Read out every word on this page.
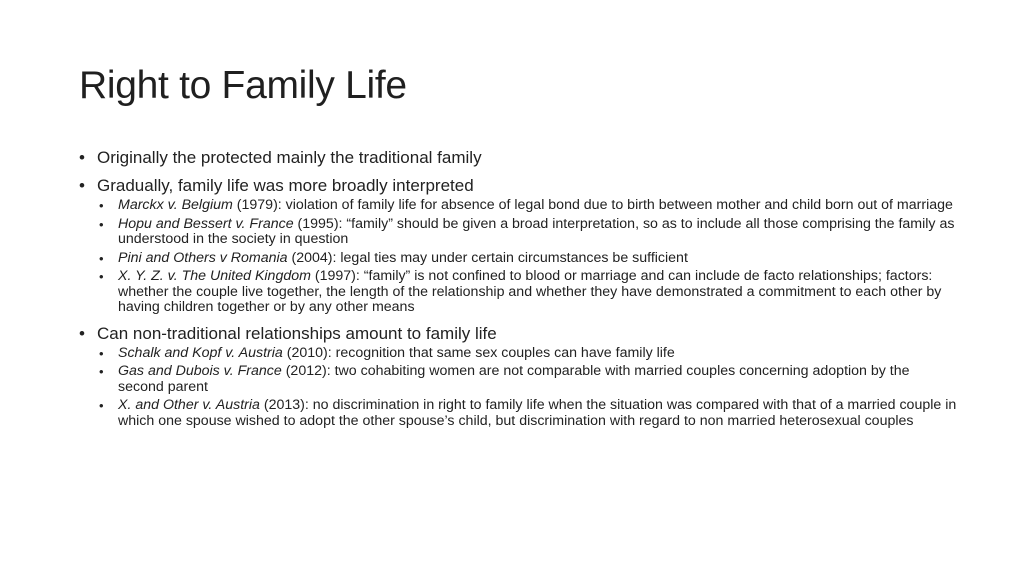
Right to Family Life
• Originally the protected mainly the traditional family
• Gradually, family life was more broadly interpreted
• Marckx v. Belgium (1979): violation of family life for absence of legal bond due to birth between mother and child born out of marriage
• Hopu and Bessert v. France (1995): “family” should be given a broad interpretation, so as to include all those comprising the family as understood in the society in question
• Pini and Others v Romania (2004): legal ties may under certain circumstances be sufficient
• X. Y. Z. v. The United Kingdom (1997): “family” is not confined to blood or marriage and can include de facto relationships; factors: whether the couple live together, the length of the relationship and whether they have demonstrated a commitment to each other by having children together or by any other means
• Can non-traditional relationships amount to family life
• Schalk and Kopf v. Austria (2010): recognition that same sex couples can have family life
• Gas and Dubois v. France (2012): two cohabiting women are not comparable with married couples concerning adoption by the second parent
• X. and Other v. Austria (2013): no discrimination in right to family life when the situation was compared with that of a married couple in which one spouse wished to adopt the other spouse’s child, but discrimination with regard to non married heterosexual couples
